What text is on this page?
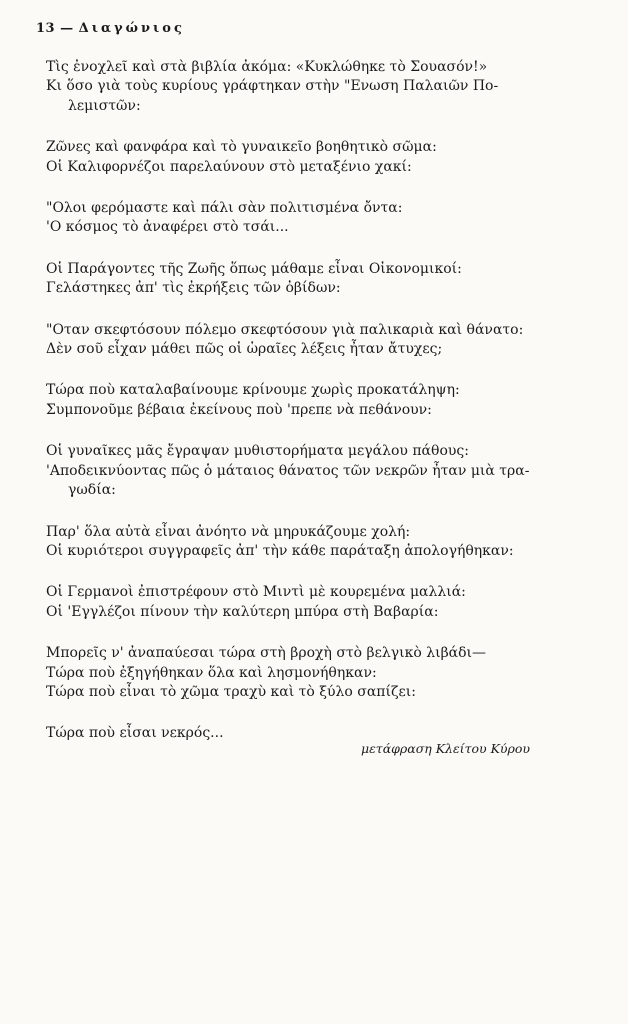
13 — Διαγώνιος
Τὶς ἐνοχλεῖ καὶ στὰ βιβλία ἀκόμα: «Κυκλώθηκε τὸ Σουασόν!»
Κι ὅσο γιὰ τοὺς κυρίους γράφτηκαν στὴν "Ενωση Παλαιῶν Πο-
λεμιστῶν:
Ζῶνες καὶ φανφάρα καὶ τὸ γυναικεῖο βοηθητικὸ σῶμα:
Οἱ Καλιφορνέζοι παρελαύνουν στὸ μεταξένιο χακί:
"Ολοι φερόμαστε καὶ πάλι σὰν πολιτισμένα ὄντα:
'Ο κόσμος τὸ ἀναφέρει στὸ τσάι...
Οἱ Παράγοντες τῆς Ζωῆς ὅπως μάθαμε εἶναι Οἰκονομικοί:
Γελάστηκες ἀπ' τὶς ἐκρήξεις τῶν ὀβίδων:
"Οταν σκεφτόσουν πόλεμο σκεφτόσουν γιὰ παλικαριὰ καὶ θάνατο:
Δὲν σοῦ εἶχαν μάθει πῶς οἱ ὡραῖες λέξεις ἦταν ἄτυχες;
Τώρα ποὺ καταλαβαίνουμε κρίνουμε χωρὶς προκατάληψη:
Συμπονοῦμε βέβαια ἐκείνους ποὺ 'πρεπε νὰ πεθάνουν:
Οἱ γυναῖκες μᾶς ἔγραψαν μυθιστορήματα μεγάλου πάθους:
'Αποδεικνύοντας πῶς ὁ μάταιος θάνατος τῶν νεκρῶν ἦταν μιὰ τρα-
γωδία:
Παρ' ὅλα αὐτὰ εἶναι ἀνόητο νὰ μηρυκάζουμε χολή:
Οἱ κυριότεροι συγγραφεῖς ἀπ' τὴν κάθε παράταξη ἀπολογήθηκαν:
Οἱ Γερμανοὶ ἐπιστρέφουν στὸ Μιντὶ μὲ κουρεμένα μαλλιά:
Οἱ 'Εγγλέζοι πίνουν τὴν καλύτερη μπύρα στὴ Βαβαρία:
Μπορεῖς ν' ἀναπαύεσαι τώρα στὴ βροχὴ στὸ βελγικὸ λιβάδι—
Τώρα ποὺ ἐξηγήθηκαν ὅλα καὶ λησμονήθηκαν:
Τώρα ποὺ εἶναι τὸ χῶμα τραχὺ καὶ τὸ ξύλο σαπίζει:
Τώρα ποὺ εἶσαι νεκρός...
μετάφραση Κλείτου Κύρου
